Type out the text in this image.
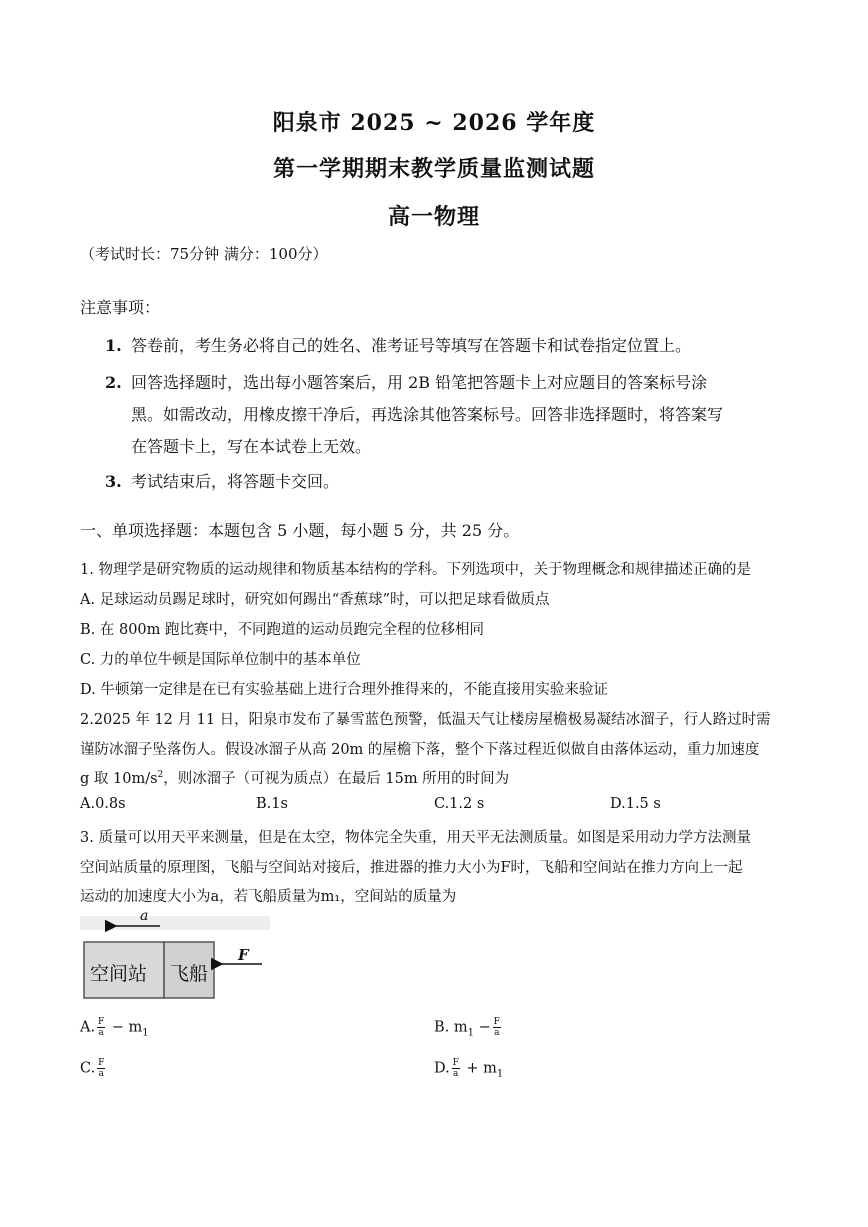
阳泉市 2025 ~ 2026 学年度
第一学期期末教学质量监测试题
高一物理
（考试时长：75分钟 满分：100分）
注意事项：
1. 答卷前，考生务必将自己的姓名、准考证号等填写在答题卡和试卷指定位置上。
2. 回答选择题时，选出每小题答案后，用 2B 铅笔把答题卡上对应题目的答案标号涂
黑。如需改动，用橡皮擦干净后，再选涂其他答案标号。回答非选择题时，将答案写
在答题卡上，写在本试卷上无效。
3. 考试结束后，将答题卡交回。
一、单项选择题：本题包含 5 小题，每小题 5 分，共 25 分。
1. 物理学是研究物质的运动规律和物质基本结构的学科。下列选项中，关于物理概念和规律描述正确的是
A. 足球运动员踢足球时，研究如何踢出“香蕉球”时，可以把足球看做质点
B. 在 800m 跑比赛中，不同跑道的运动员跑完全程的位移相同
C. 力的单位牛顿是国际单位制中的基本单位
D. 牛顿第一定律是在已有实验基础上进行合理外推得来的，不能直接用实验来验证
2.2025 年 12 月 11 日，阳泉市发布了暴雪蓝色预警，低温天气让楼房屋檐极易凝结冰溜子，行人路过时需
谨防冰溜子坠落伤人。假设冰溜子从高 20m 的屋檐下落，整个下落过程近似做自由落体运动，重力加速度
g 取 $10m/s^2$，则冰溜子（可视为质点）在最后 15m 所用的时间为
A.0.8s	B.1s	C.1.2 s	D.1.5 s
3. 质量可以用天平来测量，但是在太空，物体完全失重，用天平无法测质量。如图是采用动力学方法测量
空间站质量的原理图，飞船与空间站对接后，推进器的推力大小为F时，飞船和空间站在推力方向上一起
运动的加速度大小为a，若飞船质量为m₁，空间站的质量为
a
空间站 飞船
F
A. $\frac{F}{a} - m_1$	B. $m_1 - \frac{F}{a}$
C. $\frac{F}{a}$	D. $\frac{F}{a} + m_1$
